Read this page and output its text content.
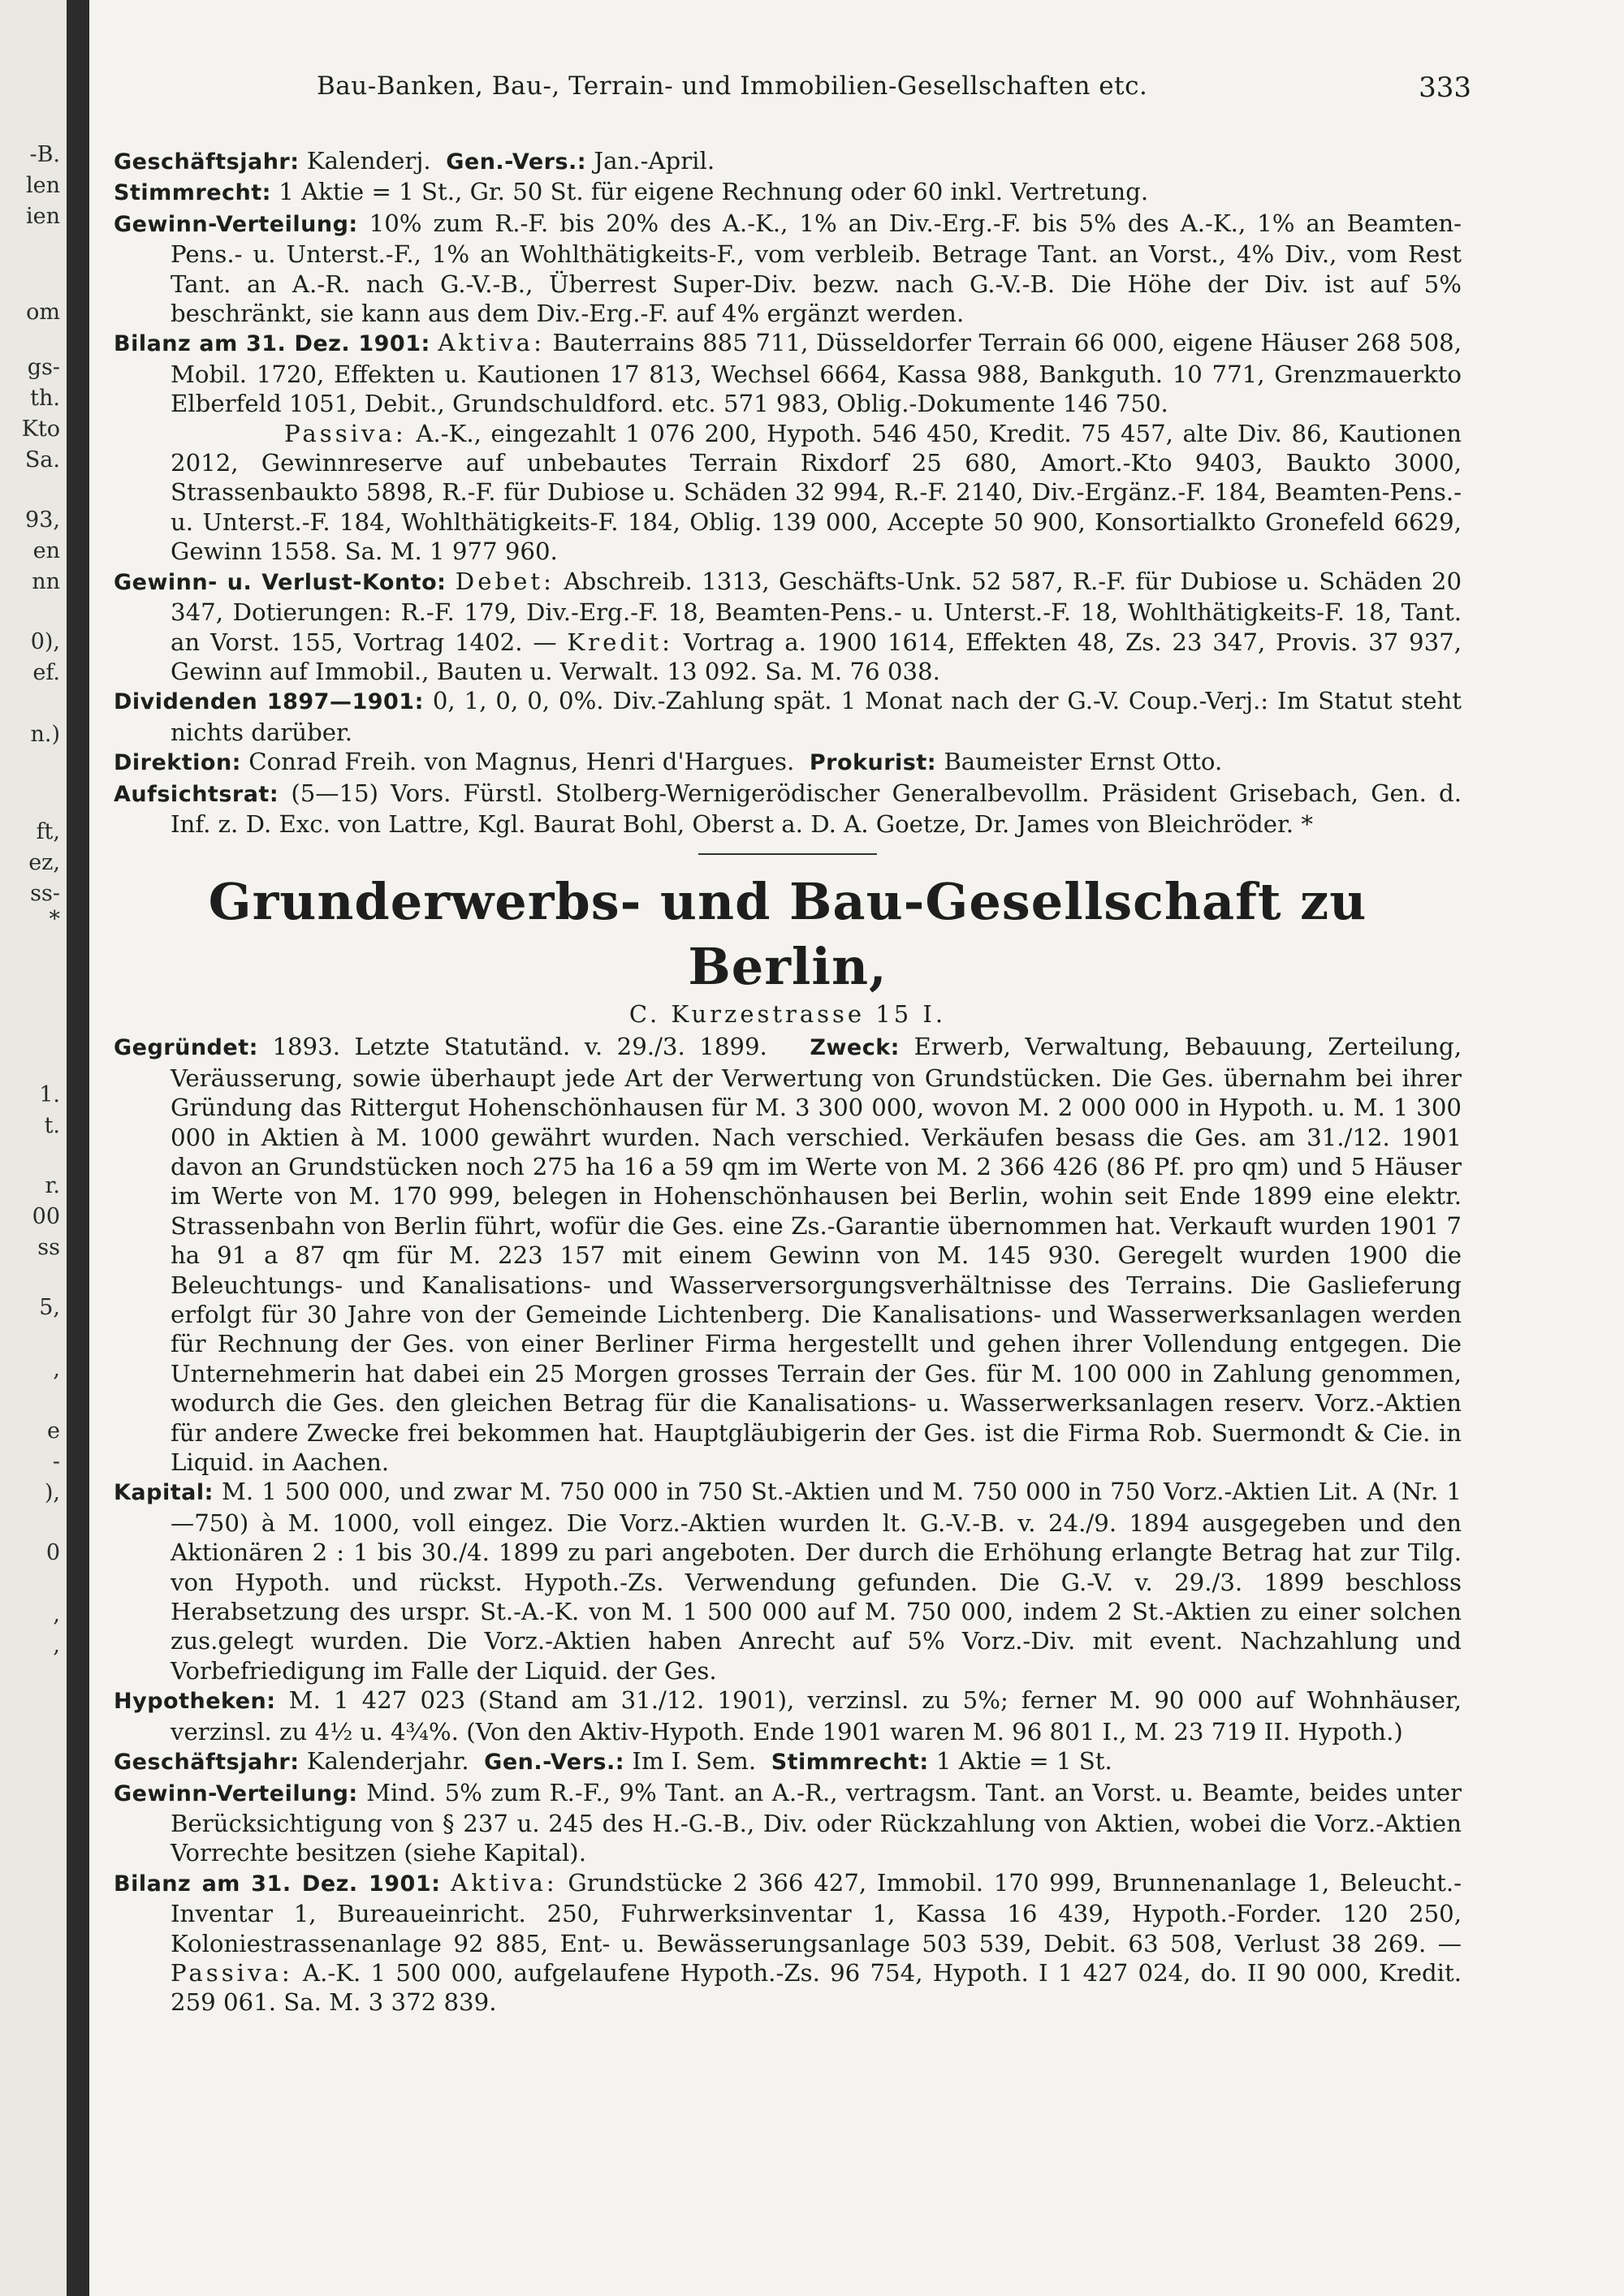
-B.
len
ien
om
gs-
th.
Kto
Sa.
93,
en
nn
0),
ef.
n.)
ft,
ez,
ss-
*
1.
t.
r.
00
ss
5,
,
e
-
),
0
,
,
Bau-Banken, Bau-, Terrain- und Immobilien-Gesellschaften etc.	333

Geschäftsjahr: Kalenderj. Gen.-Vers.: Jan.-April.

Stimmrecht: 1 Aktie = 1 St., Gr. 50 St. für eigene Rechnung oder 60 inkl. Vertretung.

Gewinn-Verteilung: 10% zum R.-F. bis 20% des A.-K., 1% an Div.-Erg.-F. bis 5% des A.-K., 1% an Beamten-Pens.- u. Unterst.-F., 1% an Wohlthätigkeits-F., vom verbleib. Betrage Tant. an Vorst., 4% Div., vom Rest Tant. an A.-R. nach G.-V.-B., Überrest Super-Div. bezw. nach G.-V.-B. Die Höhe der Div. ist auf 5% beschränkt, sie kann aus dem Div.-Erg.-F. auf 4% ergänzt werden.

Bilanz am 31. Dez. 1901: Aktiva: Bauterrains 885 711, Düsseldorfer Terrain 66 000, eigene Häuser 268 508, Mobil. 1720, Effekten u. Kautionen 17 813, Wechsel 6664, Kassa 988, Bankguth. 10 771, Grenzmauerkto Elberfeld 1051, Debit., Grundschuldford. etc. 571 983, Oblig.-Dokumente 146 750.

Passiva: A.-K., eingezahlt 1 076 200, Hypoth. 546 450, Kredit. 75 457, alte Div. 86, Kautionen 2012, Gewinnreserve auf unbebautes Terrain Rixdorf 25 680, Amort.-Kto 9403, Baukto 3000, Strassenbaukto 5898, R.-F. für Dubiose u. Schäden 32 994, R.-F. 2140, Div.-Ergänz.-F. 184, Beamten-Pens.- u. Unterst.-F. 184, Wohlthätigkeits-F. 184, Oblig. 139 000, Accepte 50 900, Konsortialkto Gronefeld 6629, Gewinn 1558. Sa. M. 1 977 960.

Gewinn- u. Verlust-Konto: Debet: Abschreib. 1313, Geschäfts-Unk. 52 587, R.-F. für Dubiose u. Schäden 20 347, Dotierungen: R.-F. 179, Div.-Erg.-F. 18, Beamten-Pens.- u. Unterst.-F. 18, Wohlthätigkeits-F. 18, Tant. an Vorst. 155, Vortrag 1402. — Kredit: Vortrag a. 1900 1614, Effekten 48, Zs. 23 347, Provis. 37 937, Gewinn auf Immobil., Bauten u. Verwalt. 13 092. Sa. M. 76 038.

Dividenden 1897—1901: 0, 1, 0, 0, 0%. Div.-Zahlung spät. 1 Monat nach der G.-V. Coup.-Verj.: Im Statut steht nichts darüber.

Direktion: Conrad Freih. von Magnus, Henri d'Hargues. Prokurist: Baumeister Ernst Otto.

Aufsichtsrat: (5—15) Vors. Fürstl. Stolberg-Wernigerödischer Generalbevollm. Präsident Grisebach, Gen. d. Inf. z. D. Exc. von Lattre, Kgl. Baurat Bohl, Oberst a. D. A. Goetze, Dr. James von Bleichröder. *

Grunderwerbs- und Bau-Gesellschaft zu Berlin,

C. Kurzestrasse 15 I.

Gegründet: 1893. Letzte Statutänd. v. 29./3. 1899. Zweck: Erwerb, Verwaltung, Bebauung, Zerteilung, Veräusserung, sowie überhaupt jede Art der Verwertung von Grundstücken. Die Ges. übernahm bei ihrer Gründung das Rittergut Hohenschönhausen für M. 3 300 000, wovon M. 2 000 000 in Hypoth. u. M. 1 300 000 in Aktien à M. 1000 gewährt wurden. Nach verschied. Verkäufen besass die Ges. am 31./12. 1901 davon an Grundstücken noch 275 ha 16 a 59 qm im Werte von M. 2 366 426 (86 Pf. pro qm) und 5 Häuser im Werte von M. 170 999, belegen in Hohenschönhausen bei Berlin, wohin seit Ende 1899 eine elektr. Strassenbahn von Berlin führt, wofür die Ges. eine Zs.-Garantie übernommen hat. Verkauft wurden 1901 7 ha 91 a 87 qm für M. 223 157 mit einem Gewinn von M. 145 930. Geregelt wurden 1900 die Beleuchtungs- und Kanalisations- und Wasserversorgungsverhältnisse des Terrains. Die Gaslieferung erfolgt für 30 Jahre von der Gemeinde Lichtenberg. Die Kanalisations- und Wasserwerksanlagen werden für Rechnung der Ges. von einer Berliner Firma hergestellt und gehen ihrer Vollendung entgegen. Die Unternehmerin hat dabei ein 25 Morgen grosses Terrain der Ges. für M. 100 000 in Zahlung genommen, wodurch die Ges. den gleichen Betrag für die Kanalisations- u. Wasserwerksanlagen reserv. Vorz.-Aktien für andere Zwecke frei bekommen hat. Hauptgläubigerin der Ges. ist die Firma Rob. Suermondt & Cie. in Liquid. in Aachen.

Kapital: M. 1 500 000, und zwar M. 750 000 in 750 St.-Aktien und M. 750 000 in 750 Vorz.-Aktien Lit. A (Nr. 1—750) à M. 1000, voll eingez. Die Vorz.-Aktien wurden lt. G.-V.-B. v. 24./9. 1894 ausgegeben und den Aktionären 2 : 1 bis 30./4. 1899 zu pari angeboten. Der durch die Erhöhung erlangte Betrag hat zur Tilg. von Hypoth. und rückst. Hypoth.-Zs. Verwendung gefunden. Die G.-V. v. 29./3. 1899 beschloss Herabsetzung des urspr. St.-A.-K. von M. 1 500 000 auf M. 750 000, indem 2 St.-Aktien zu einer solchen zus.gelegt wurden. Die Vorz.-Aktien haben Anrecht auf 5% Vorz.-Div. mit event. Nachzahlung und Vorbefriedigung im Falle der Liquid. der Ges.

Hypotheken: M. 1 427 023 (Stand am 31./12. 1901), verzinsl. zu 5%; ferner M. 90 000 auf Wohnhäuser, verzinsl. zu 4½ u. 4¾%. (Von den Aktiv-Hypoth. Ende 1901 waren M. 96 801 I., M. 23 719 II. Hypoth.)

Geschäftsjahr: Kalenderjahr. Gen.-Vers.: Im I. Sem. Stimmrecht: 1 Aktie = 1 St.

Gewinn-Verteilung: Mind. 5% zum R.-F., 9% Tant. an A.-R., vertragsm. Tant. an Vorst. u. Beamte, beides unter Berücksichtigung von § 237 u. 245 des H.-G.-B., Div. oder Rückzahlung von Aktien, wobei die Vorz.-Aktien Vorrechte besitzen (siehe Kapital).

Bilanz am 31. Dez. 1901: Aktiva: Grundstücke 2 366 427, Immobil. 170 999, Brunnenanlage 1, Beleucht.-Inventar 1, Bureaueinricht. 250, Fuhrwerksinventar 1, Kassa 16 439, Hypoth.-Forder. 120 250, Koloniestrassenanlage 92 885, Ent- u. Bewässerungsanlage 503 539, Debit. 63 508, Verlust 38 269. — Passiva: A.-K. 1 500 000, aufgelaufene Hypoth.-Zs. 96 754, Hypoth. I 1 427 024, do. II 90 000, Kredit. 259 061. Sa. M. 3 372 839.
